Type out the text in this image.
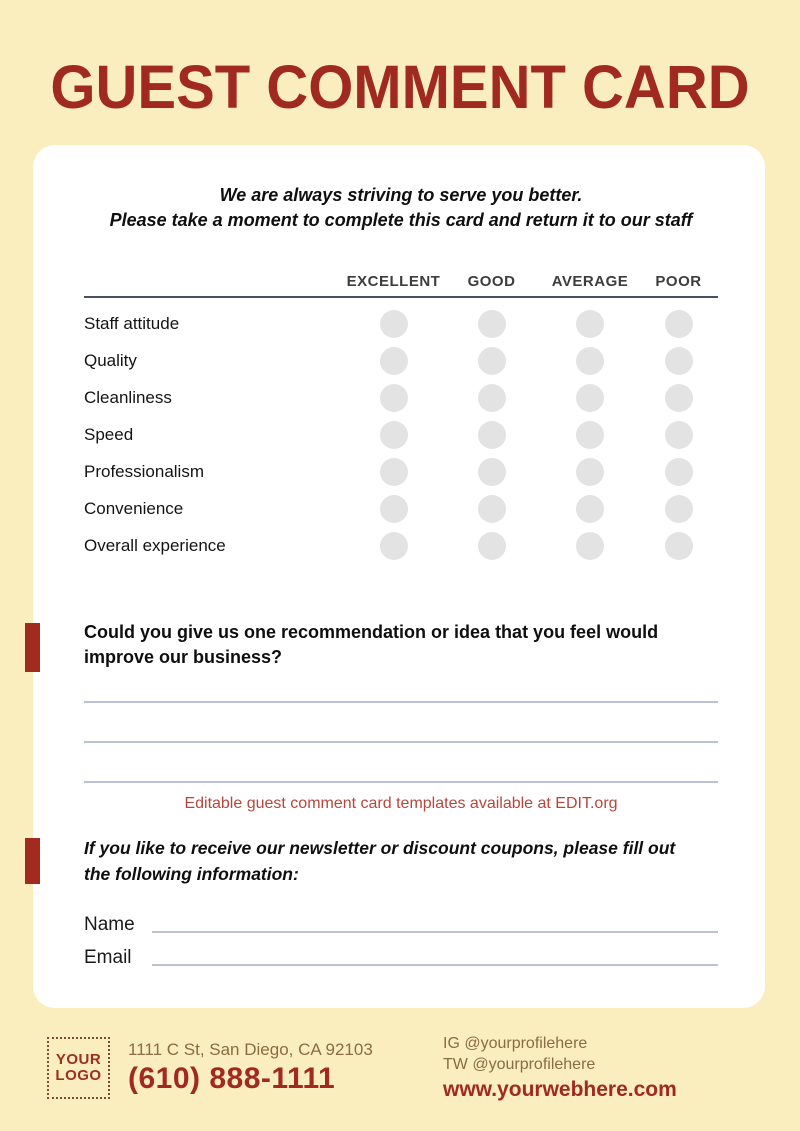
GUEST COMMENT CARD
We are always striving to serve you better.
Please take a moment to complete this card and return it to our staff
EXCELLENT	GOOD	AVERAGE	POOR
Staff attitude
Quality
Cleanliness
Speed
Professionalism
Convenience
Overall experience
Could you give us one recommendation or idea that you feel would
improve our business?
Editable guest comment card templates available at EDIT.org
If you like to receive our newsletter or discount coupons, please fill out
the following information:
Name
Email
YOUR
LOGO
1111 C St, San Diego, CA 92103
(610) 888-1111
IG @yourprofilehere
TW @yourprofilehere
www.yourwebhere.com
